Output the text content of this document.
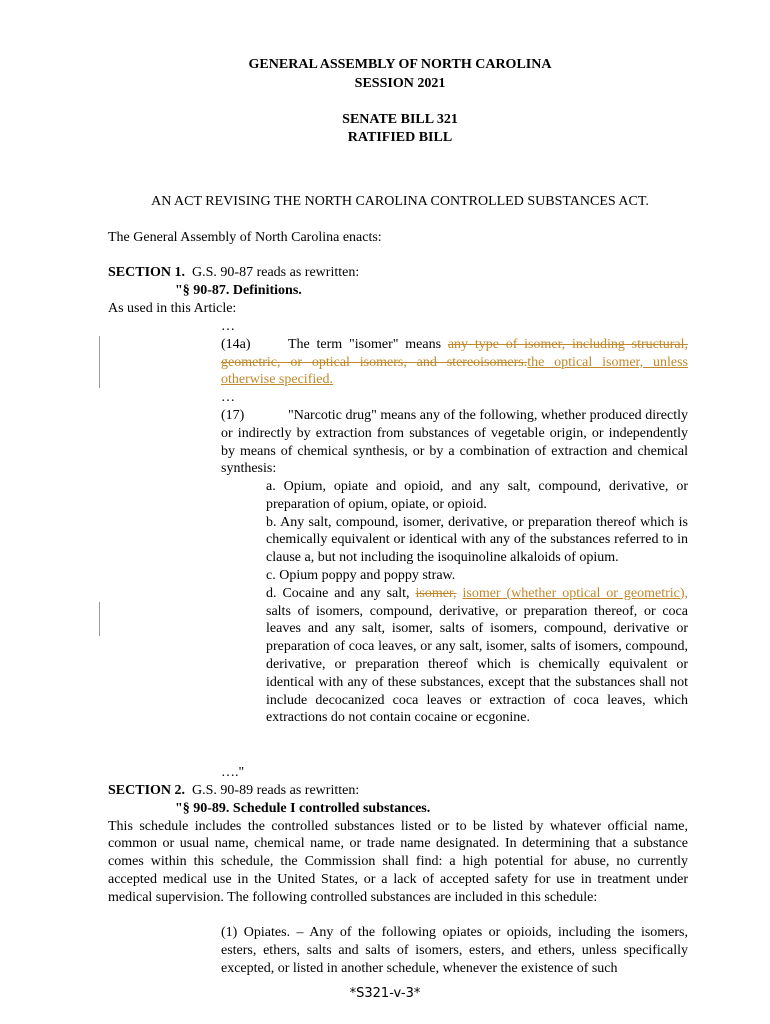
GENERAL ASSEMBLY OF NORTH CAROLINA

SESSION 2021

SENATE BILL 321

RATIFIED BILL

AN ACT REVISING THE NORTH CAROLINA CONTROLLED SUBSTANCES ACT.
The General Assembly of North Carolina enacts:

SECTION 1. G.S. 90-87 reads as rewritten:

"§ 90-87. Definitions.

As used in this Article:

…

(14a)	The term "isomer" means any type of isomer, including structural, geometric, or optical isomers, and stereoisomers.the optical isomer, unless otherwise specified.

…

(17)	"Narcotic drug" means any of the following, whether produced directly or indirectly by extraction from substances of vegetable origin, or independently by means of chemical synthesis, or by a combination of extraction and chemical synthesis:

a. Opium, opiate and opioid, and any salt, compound, derivative, or preparation of opium, opiate, or opioid.

b. Any salt, compound, isomer, derivative, or preparation thereof which is chemically equivalent or identical with any of the substances referred to in clause a, but not including the isoquinoline alkaloids of opium.

c. Opium poppy and poppy straw.

d. Cocaine and any salt, isomer, isomer (whether optical or geometric), salts of isomers, compound, derivative, or preparation thereof, or coca leaves and any salt, isomer, salts of isomers, compound, derivative or preparation of coca leaves, or any salt, isomer, salts of isomers, compound, derivative, or preparation thereof which is chemically equivalent or identical with any of these substances, except that the substances shall not include decocanized coca leaves or extraction of coca leaves, which extractions do not contain cocaine or ecgonine.

…."

SECTION 2. G.S. 90-89 reads as rewritten:

"§ 90-89. Schedule I controlled substances.

This schedule includes the controlled substances listed or to be listed by whatever official name, common or usual name, chemical name, or trade name designated. In determining that a substance comes within this schedule, the Commission shall find: a high potential for abuse, no currently accepted medical use in the United States, or a lack of accepted safety for use in treatment under medical supervision. The following controlled substances are included in this schedule:

(1) Opiates. – Any of the following opiates or opioids, including the isomers, esters, ethers, salts and salts of isomers, esters, and ethers, unless specifically excepted, or listed in another schedule, whenever the existence of such
*S321-v-3*
